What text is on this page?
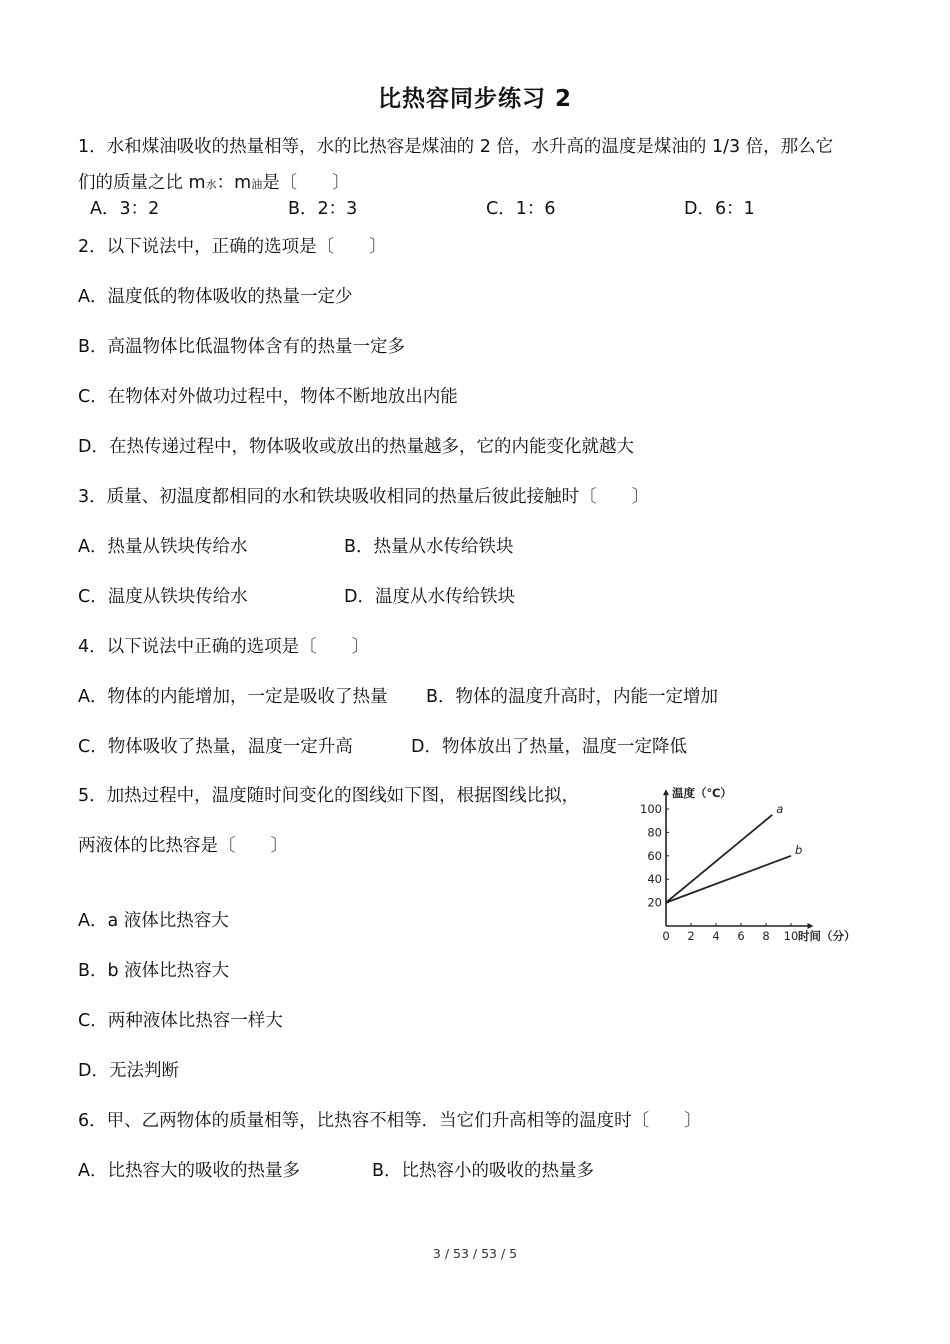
比热容同步练习 2
1．水和煤油吸收的热量相等，水的比热容是煤油的 2 倍，水升高的温度是煤油的 1/3 倍，那么它
们的质量之比 m水：m油是〔　　〕
A．3：2	B．2：3	C．1：6	D．6：1
2．以下说法中，正确的选项是〔　　〕
A．温度低的物体吸收的热量一定少
B．高温物体比低温物体含有的热量一定多
C．在物体对外做功过程中，物体不断地放出内能
D．在热传递过程中，物体吸收或放出的热量越多，它的内能变化就越大
3．质量、初温度都相同的水和铁块吸收相同的热量后彼此接触时〔　　〕
A．热量从铁块传给水	B．热量从水传给铁块
C．温度从铁块传给水	D．温度从水传给铁块
4．以下说法中正确的选项是〔　　〕
A．物体的内能增加，一定是吸收了热量 B．物体的温度升高时，内能一定增加
C．物体吸收了热量，温度一定升高	D．物体放出了热量，温度一定降低
5．加热过程中，温度随时间变化的图线如下图，根据图线比拟，
两液体的比热容是〔　　〕
A．a 液体比热容大
B．b 液体比热容大
C．两种液体比热容一样大
D．无法判断
温度（℃）
时间（分）
0 2 4 6 8 10
20
40
60
80
100	a
b
6．甲、乙两物体的质量相等，比热容不相等．当它们升高相等的温度时〔　　〕
A．比热容大的吸收的热量多	B．比热容小的吸收的热量多
3 / 53 / 53 / 5
